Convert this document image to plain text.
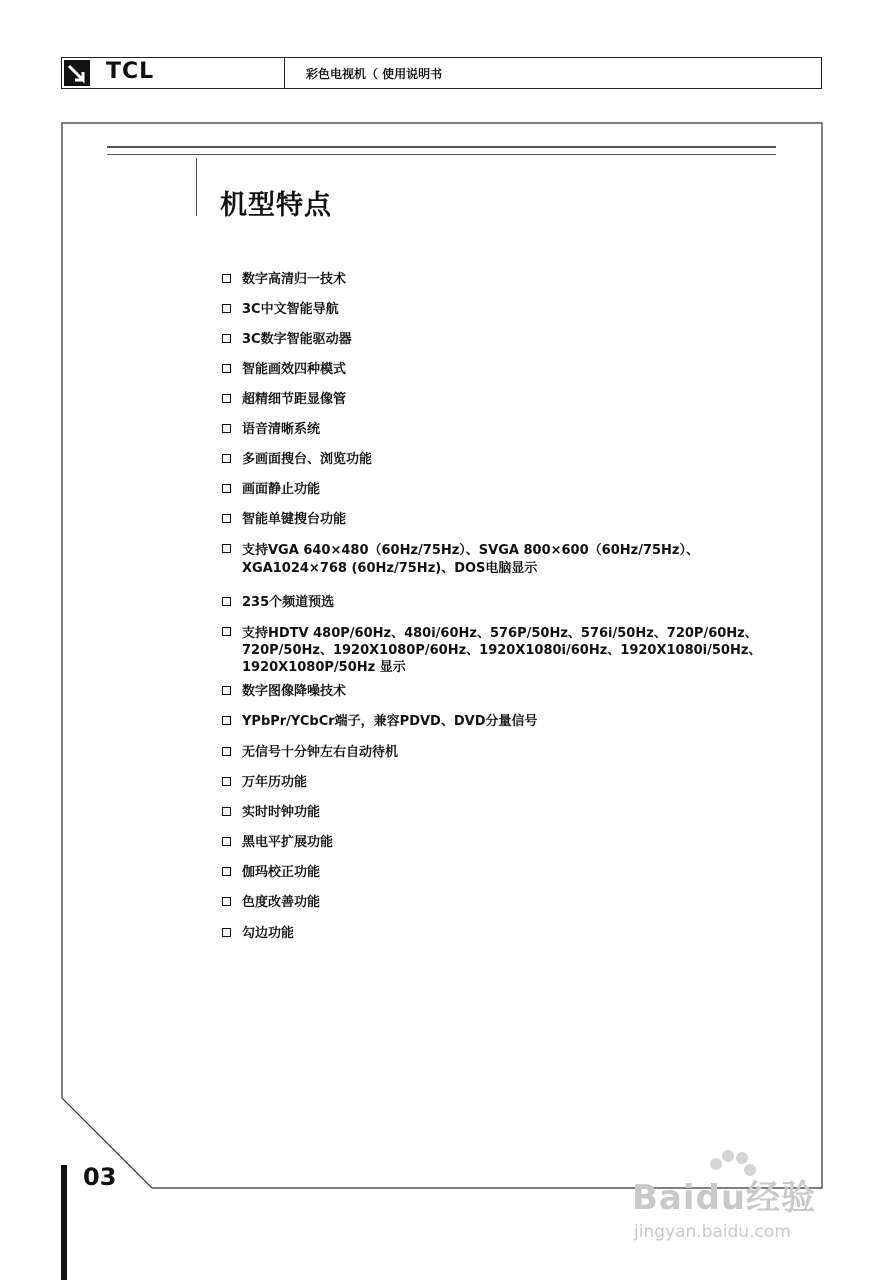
TCL	彩色电视机（ 使用说明书
机型特点
数字高清归一技术
3C中文智能导航
3C数字智能驱动器
智能画效四种模式
超精细节距显像管
语音清晰系统
多画面搜台、浏览功能
画面静止功能
智能单键搜台功能
支持VGA 640×480（60Hz/75Hz）、SVGA 800×600（60Hz/75Hz）、XGA1024×768 (60Hz/75Hz)、DOS电脑显示
235个频道预选
支持HDTV 480P/60Hz、480i/60Hz、576P/50Hz、576i/50Hz、720P/60Hz、720P/50Hz、1920X1080P/60Hz、1920X1080i/60Hz、1920X1080i/50Hz、1920X1080P/50Hz 显示
数字图像降噪技术
YPbPr/YCbCr端子，兼容PDVD、DVD分量信号
无信号十分钟左右自动待机
万年历功能
实时时钟功能
黑电平扩展功能
伽玛校正功能
色度改善功能
勾边功能
03
Baidu经验
jingyan.baidu.com
